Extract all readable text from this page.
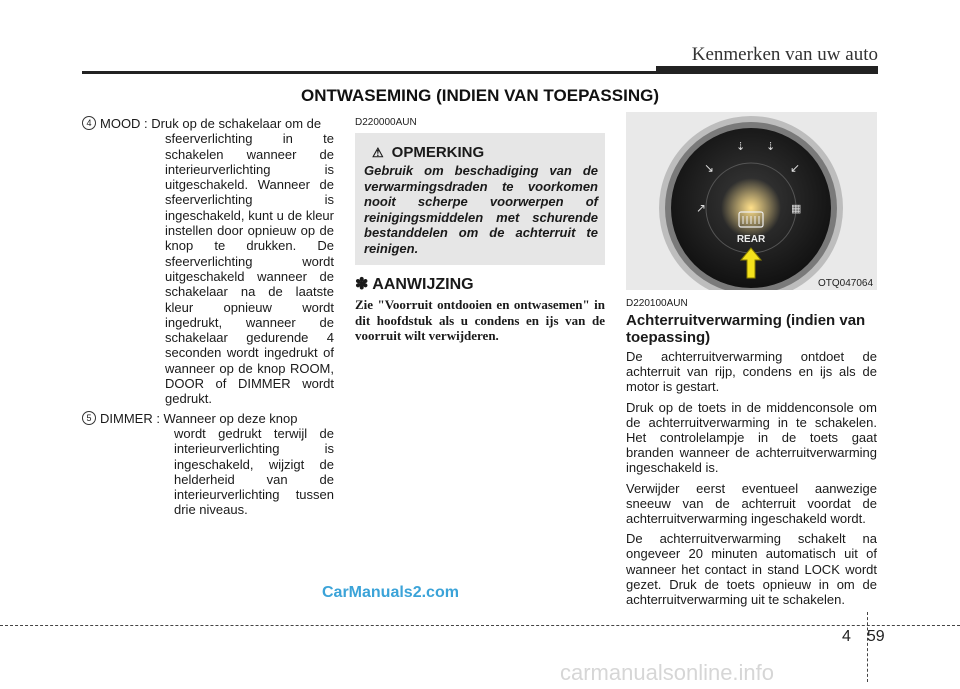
Kenmerken van uw auto
ONTWASEMING (INDIEN VAN TOEPASSING)
4 MOOD : Druk op de schakelaar om de
sfeerverlichting in te schakelen wanneer de interieurverlichting is uitgeschakeld. Wanneer de sfeerverlichting is ingeschakeld, kunt u de kleur instellen door opnieuw op de knop te drukken. De sfeerverlichting wordt uitgeschakeld wanneer de schakelaar na de laatste kleur opnieuw wordt ingedrukt, wanneer de schakelaar gedurende 4 seconden wordt ingedrukt of wanneer op de knop ROOM, DOOR of DIMMER wordt gedrukt.
5 DIMMER : Wanneer op deze knop
wordt gedrukt terwijl de interieurverlichting is ingeschakeld, wijzigt de helderheid van de interieurverlichting tussen drie niveaus.
D220000AUN
⚠ OPMERKING
Gebruik om beschadiging van de verwarmingsdraden te voorkomen nooit scherpe voorwerpen of reinigingsmiddelen met schurende bestanddelen om de achterruit te reinigen.
✽ AANWIJZING
Zie "Voorruit ontdooien en ontwasemen" in dit hoofdstuk als u condens en ijs van de voorruit wilt verwijderen.
⇣ ⇣
↘	↙
↗	▦
REAR
OTQ047064
D220100AUN
Achterruitverwarming (indien van toepassing)

De achterruitverwarming ontdoet de achterruit van rijp, condens en ijs als de motor is gestart.

Druk op de toets in de middenconsole om de achterruitverwarming in te schakelen. Het controlelampje in de toets gaat branden wanneer de achterruitverwarming ingeschakeld is.

Verwijder eerst eventueel aanwezige sneeuw van de achterruit voordat de achterruitverwarming ingeschakeld wordt.

De achterruitverwarming schakelt na ongeveer 20 minuten automatisch uit of wanneer het contact in stand LOCK wordt gezet. Druk de toets opnieuw in om de achterruitverwarming uit te schakelen.

CarManuals2.com
4 59
carmanualsonline.info
